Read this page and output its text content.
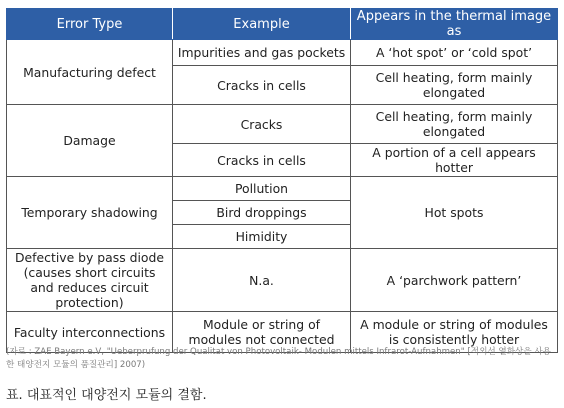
Error Type	Example	Appears in the thermal image as
Manufacturing defect	Impurities and gas pockets	A ‘hot spot’ or ‘cold spot’
	Cracks in cells	Cell heating, form mainly elongated
Damage	Cracks	Cell heating, form mainly elongated
	Cracks in cells	A portion of a cell appears hotter
Temporary shadowing	Pollution	Hot spots
	Bird droppings	
	Himidity	
Defective by pass diode (causes short circuits and reduces circuit protection)	N.a.	A ‘parchwork pattern’
Faculty interconnections	Module or string of modules not connected	A module or string of modules is consistently hotter
(자료 : ZAE Bayern e.V, "Ueberprufung der Qualitat von Photovoltaik- Modulen mittels Infrarot-Aufnahmen" [적외선 열화상을 사용한 태양전지 모듈의 품질관리] 2007)
표. 대표적인 대양전지 모듈의 결함.
